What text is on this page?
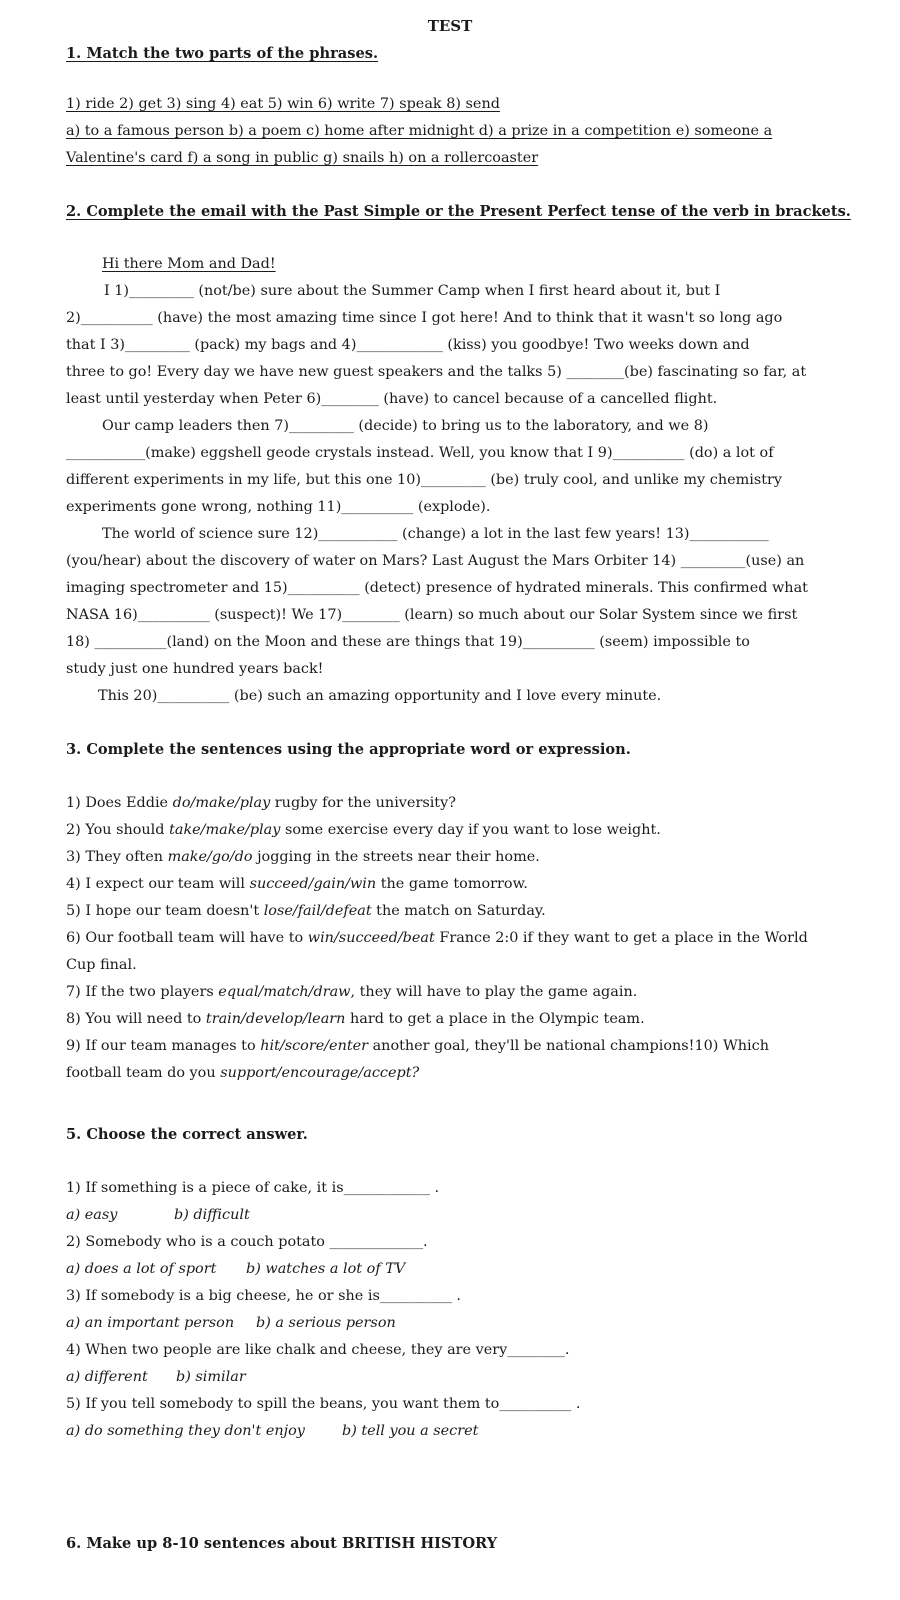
TEST
1. Match the two parts of the phrases.
1) ride 2) get 3) sing 4) eat 5) win 6) write 7) speak 8) send
a) to a famous person b) a poem c) home after midnight d) a prize in a competition e) someone a
Valentine's card f) a song in public g) snails h) on a rollercoaster
2. Complete the email with the Past Simple or the Present Perfect tense of the verb in brackets.
Hi there Mom and Dad!
I 1)_________ (not/be) sure about the Summer Camp when I first heard about it, but I
2)__________ (have) the most amazing time since I got here! And to think that it wasn't so long ago
that I 3)_________ (pack) my bags and 4)____________ (kiss) you goodbye! Two weeks down and
three to go! Every day we have new guest speakers and the talks 5) ________(be) fascinating so far, at
least until yesterday when Peter 6)________ (have) to cancel because of a cancelled flight.
Our camp leaders then 7)_________ (decide) to bring us to the laboratory, and we 8)
___________(make) eggshell geode crystals instead. Well, you know that I 9)__________ (do) a lot of
different experiments in my life, but this one 10)_________ (be) truly cool, and unlike my chemistry
experiments gone wrong, nothing 11)__________ (explode).
The world of science sure 12)___________ (change) a lot in the last few years! 13)___________
(you/hear) about the discovery of water on Mars? Last August the Mars Orbiter 14) _________(use) an
imaging spectrometer and 15)__________ (detect) presence of hydrated minerals. This confirmed what
NASA 16)__________ (suspect)! We 17)________ (learn) so much about our Solar System since we first
18) __________(land) on the Moon and these are things that 19)__________ (seem) impossible to
study just one hundred years back!
This 20)__________ (be) such an amazing opportunity and I love every minute.
3. Complete the sentences using the appropriate word or expression.
1) Does Eddie do/make/play rugby for the university?
2) You should take/make/play some exercise every day if you want to lose weight.
3) They often make/go/do jogging in the streets near their home.
4) I expect our team will succeed/gain/win the game tomorrow.
5) I hope our team doesn't lose/fail/defeat the match on Saturday.
6) Our football team will have to win/succeed/beat France 2:0 if they want to get a place in the World
Cup final.
7) If the two players equal/match/draw, they will have to play the game again.
8) You will need to train/develop/learn hard to get a place in the Olympic team.
9) If our team manages to hit/score/enter another goal, they'll be national champions!10) Which
football team do you support/encourage/accept?
5. Choose the correct answer.
1) If something is a piece of cake, it is____________ .
a) easy	b) difficult
2) Somebody who is a couch potato _____________.
a) does a lot of sport b) watches a lot of TV
3) If somebody is a big cheese, he or she is__________ .
a) an important person b) a serious person
4) When two people are like chalk and cheese, they are very________.
a) different b) similar
5) If you tell somebody to spill the beans, you want them to__________ .
a) do something they don't enjoy	b) tell you a secret
6. Make up 8-10 sentences about BRITISH HISTORY
